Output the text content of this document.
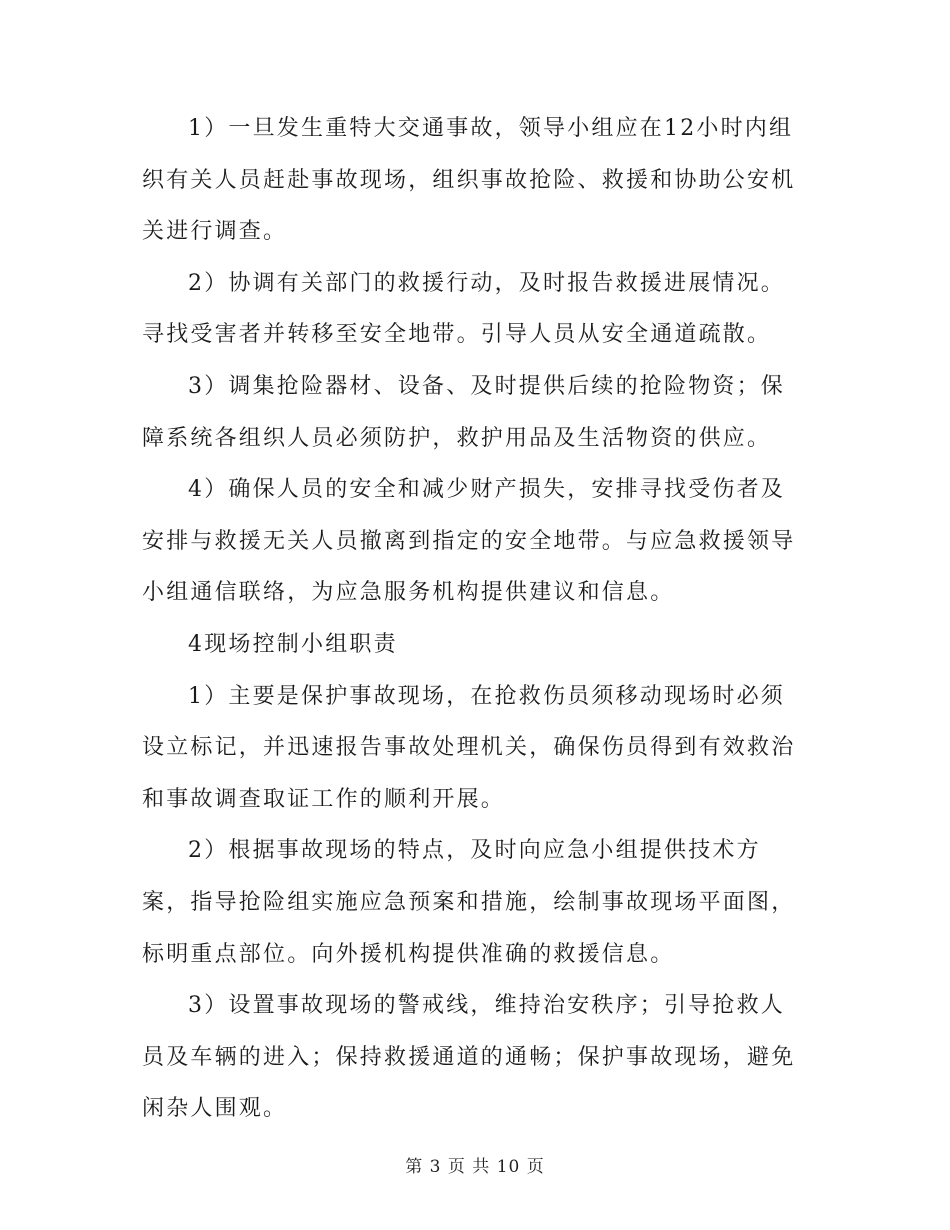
1）一旦发生重特大交通事故，领导小组应在12小时内组
织有关人员赶赴事故现场，组织事故抢险、救援和协助公安机
关进行调查。
2）协调有关部门的救援行动，及时报告救援进展情况。
寻找受害者并转移至安全地带。引导人员从安全通道疏散。
3）调集抢险器材、设备、及时提供后续的抢险物资；保
障系统各组织人员必须防护，救护用品及生活物资的供应。
4）确保人员的安全和减少财产损失，安排寻找受伤者及
安排与救援无关人员撤离到指定的安全地带。与应急救援领导
小组通信联络，为应急服务机构提供建议和信息。
4现场控制小组职责
1）主要是保护事故现场，在抢救伤员须移动现场时必须
设立标记，并迅速报告事故处理机关，确保伤员得到有效救治
和事故调查取证工作的顺利开展。
2）根据事故现场的特点，及时向应急小组提供技术方
案，指导抢险组实施应急预案和措施，绘制事故现场平面图，
标明重点部位。向外援机构提供准确的救援信息。
3）设置事故现场的警戒线，维持治安秩序；引导抢救人
员及车辆的进入；保持救援通道的通畅；保护事故现场，避免
闲杂人围观。
第 3 页 共 10 页
